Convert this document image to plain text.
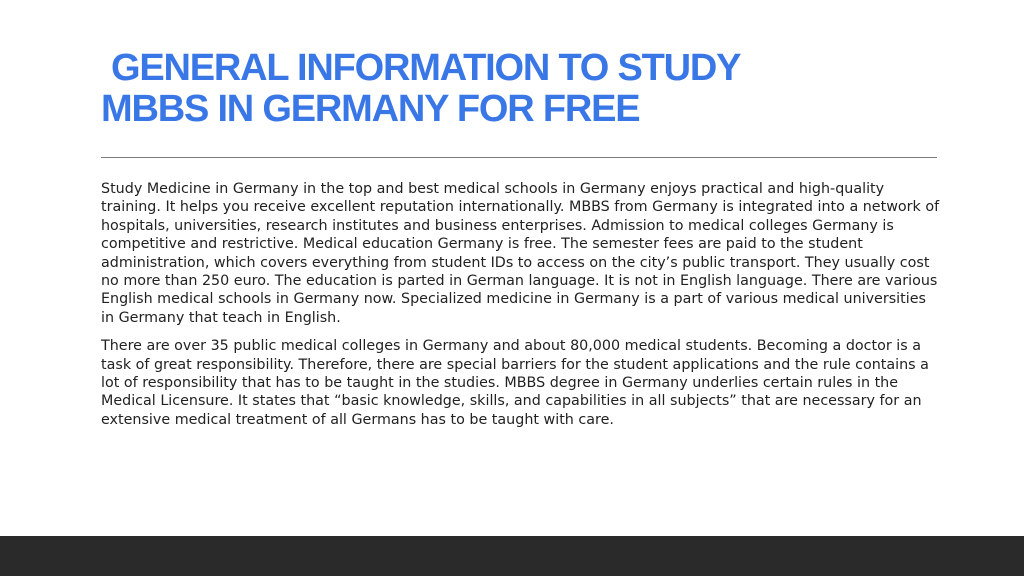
GENERAL INFORMATION TO STUDY
MBBS IN GERMANY FOR FREE

Study Medicine in Germany in the top and best medical schools in Germany enjoys practical and high-quality training. It helps you receive excellent reputation internationally. MBBS from Germany is integrated into a network of hospitals, universities, research institutes and business enterprises. Admission to medical colleges Germany is competitive and restrictive. Medical education Germany is free. The semester fees are paid to the student administration, which covers everything from student IDs to access on the city’s public transport. They usually cost no more than 250 euro. The education is parted in German language. It is not in English language. There are various English medical schools in Germany now. Specialized medicine in Germany is a part of various medical universities in Germany that teach in English.

There are over 35 public medical colleges in Germany and about 80,000 medical students. Becoming a doctor is a task of great responsibility. Therefore, there are special barriers for the student applications and the rule contains a lot of responsibility that has to be taught in the studies. MBBS degree in Germany underlies certain rules in the Medical Licensure. It states that “basic knowledge, skills, and capabilities in all subjects” that are necessary for an extensive medical treatment of all Germans has to be taught with care.
